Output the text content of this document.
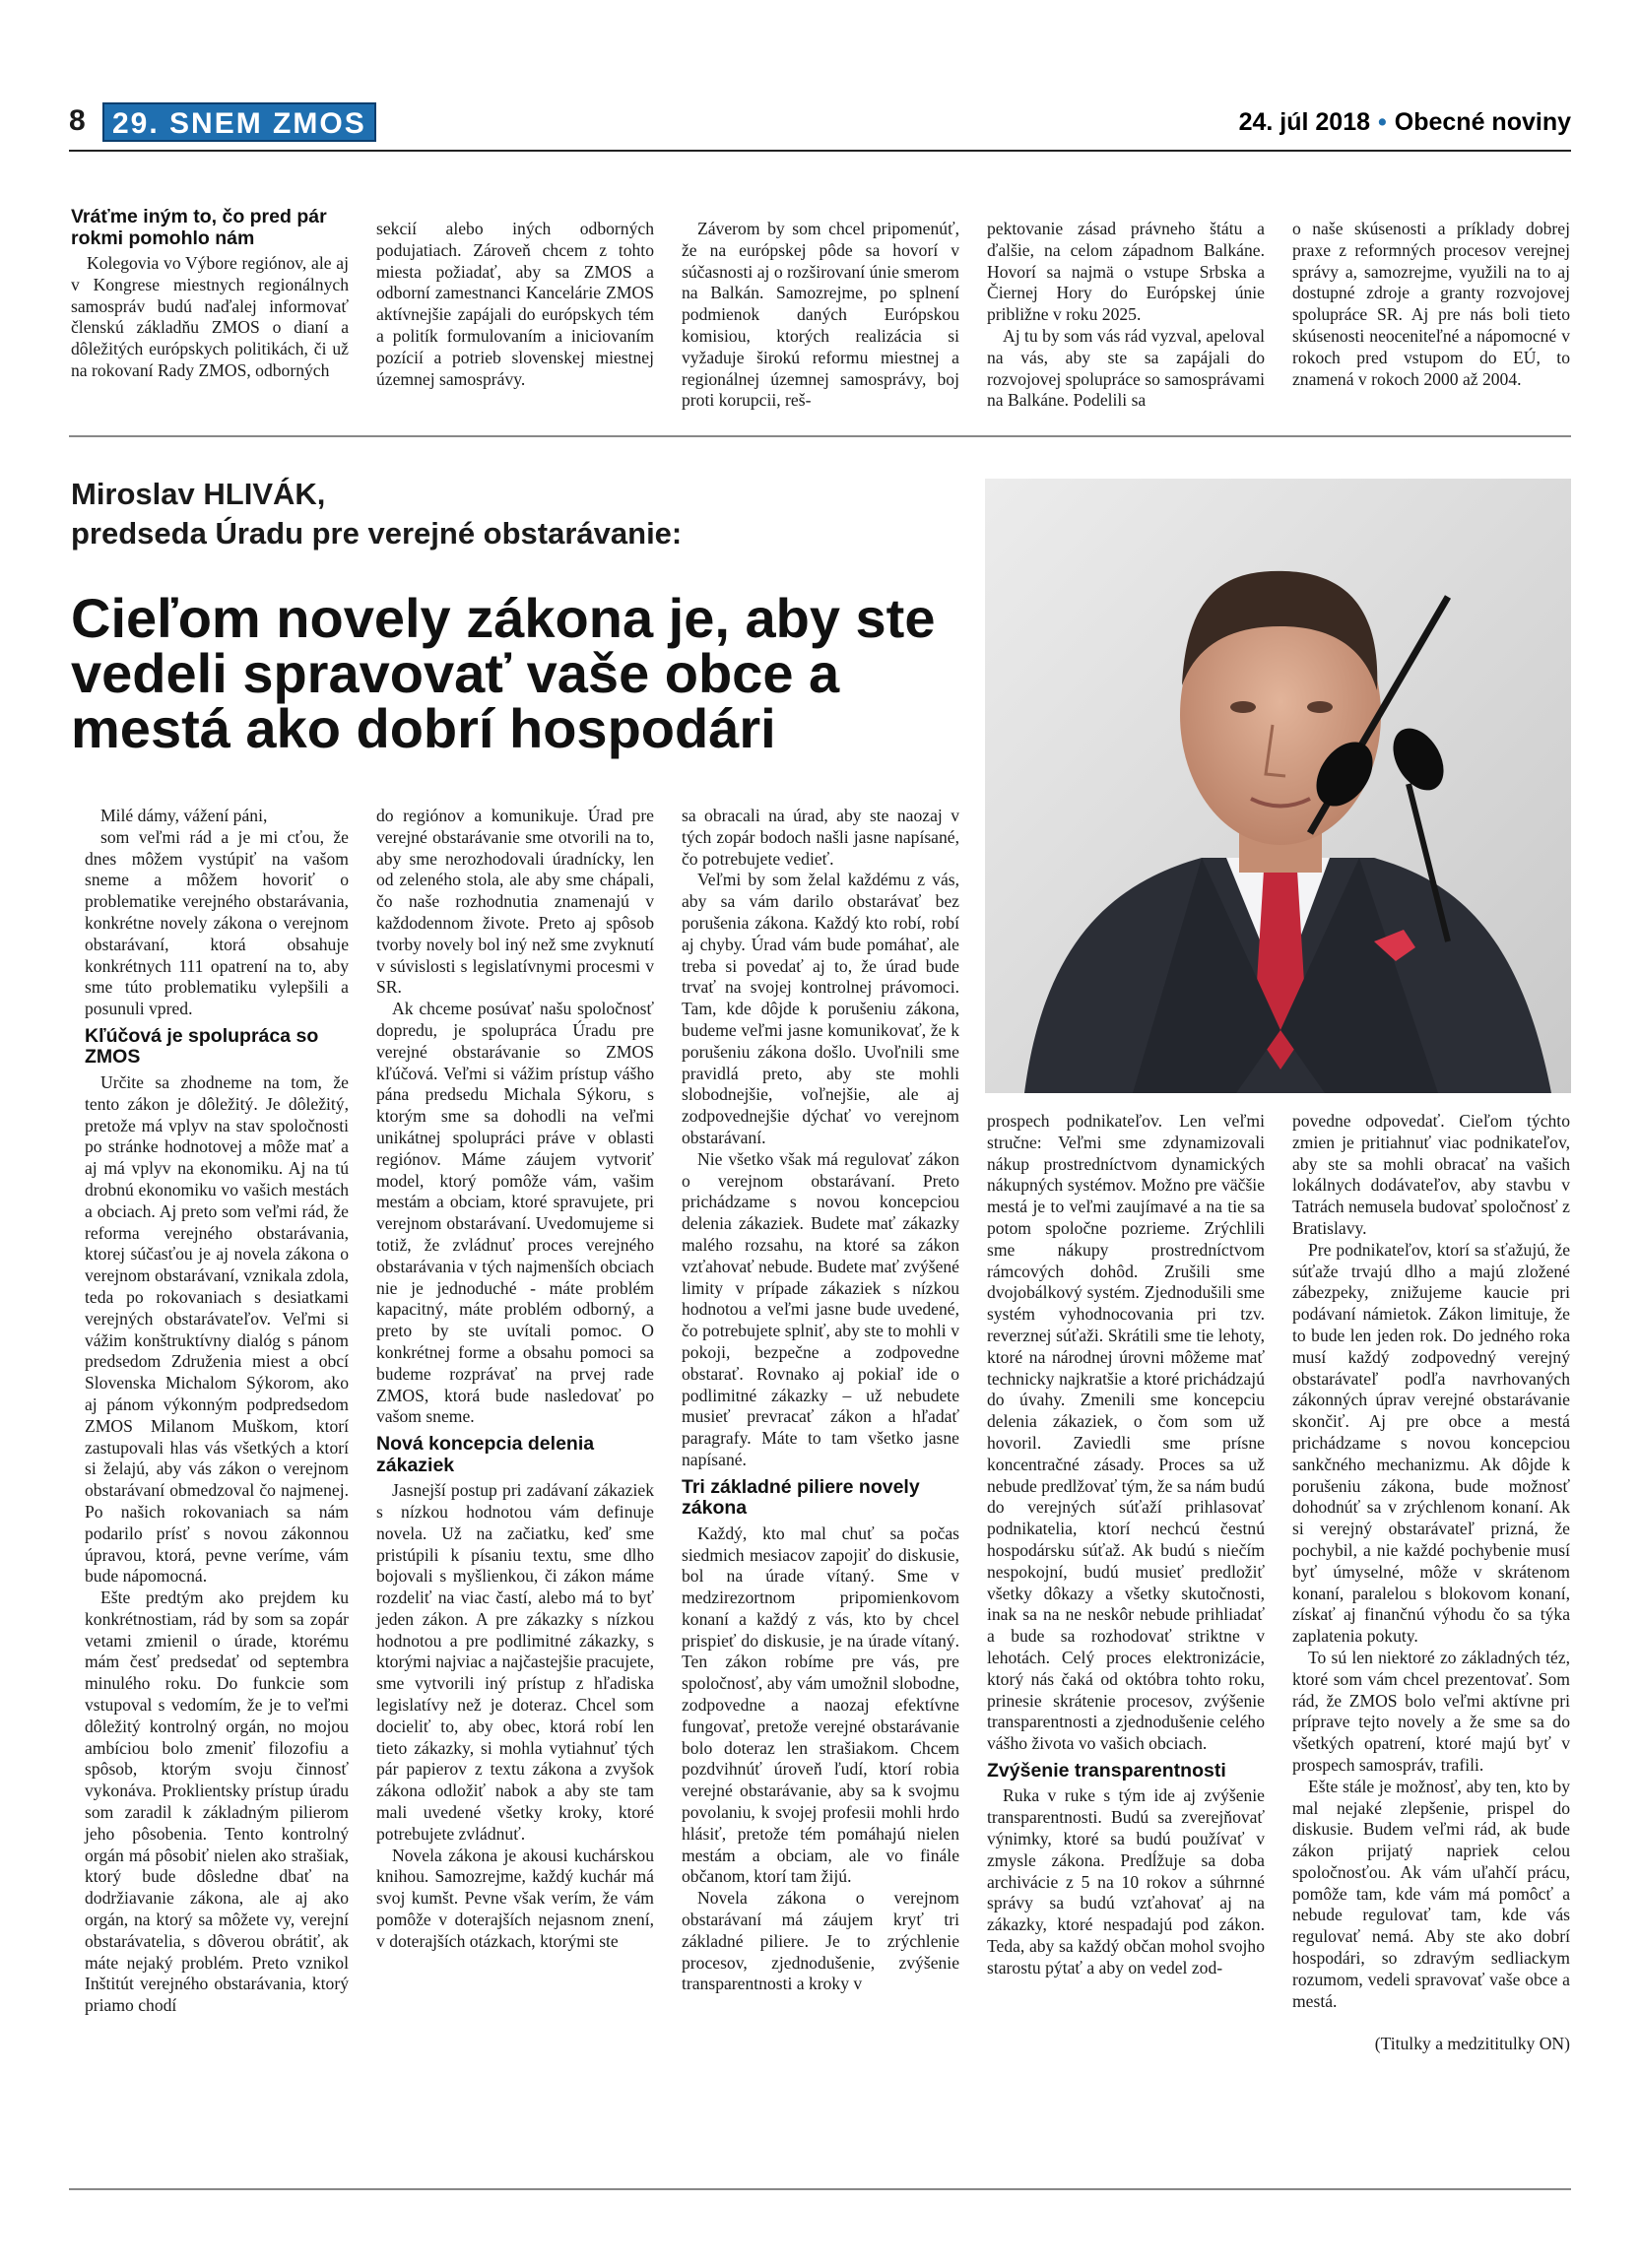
8 29. SNEM ZMOS	24. júl 2018 • Obecné noviny
Vráťme iným to, čo pred pár rokmi pomohlo nám

Kolegovia vo Výbore regiónov, ale aj v Kongrese miestnych regionálnych samospráv budú naďalej informovať členskú základňu ZMOS o dianí a dôležitých európskych politikách, či už na rokovaní Rady ZMOS, odborných

sekcií alebo iných odborných podujatiach. Zároveň chcem z tohto miesta požiadať, aby sa ZMOS a odborní zamestnanci Kancelárie ZMOS aktívnejšie zapájali do európskych tém a politík formulovaním a iniciovaním pozícií a potrieb slovenskej miestnej územnej samosprávy.

Záverom by som chcel pripomenúť, že na európskej pôde sa hovorí v súčasnosti aj o rozširovaní únie smerom na Balkán. Samozrejme, po splnení podmienok daných Európskou komisiou, ktorých realizácia si vyžaduje širokú reformu miestnej a regionálnej územnej samosprávy, boj proti korupcii, reš-

pektovanie zásad právneho štátu a ďalšie, na celom západnom Balkáne. Hovorí sa najmä o vstupe Srbska a Čiernej Hory do Európskej únie približne v roku 2025.

Aj tu by som vás rád vyzval, apeloval na vás, aby ste sa zapájali do rozvojovej spolupráce so samosprávami na Balkáne. Podelili sa

o naše skúsenosti a príklady dobrej praxe z reformných procesov verejnej správy a, samozrejme, využili na to aj dostupné zdroje a granty rozvojovej spolupráce SR. Aj pre nás boli tieto skúsenosti neoceniteľné a nápomocné v rokoch pred vstupom do EÚ, to znamená v rokoch 2000 až 2004.

Miroslav HLIVÁK,
predseda Úradu pre verejné obstarávanie:
Cieľom novely zákona je, aby ste vedeli spravovať vaše obce a mestá ako dobrí hospodári

Milé dámy, vážení páni,

som veľmi rád a je mi cťou, že dnes môžem vystúpiť na vašom sneme a môžem hovoriť o problematike verejného obstarávania, konkrétne novely zákona o verejnom obstarávaní, ktorá obsahuje konkrétnych 111 opatrení na to, aby sme túto problematiku vylepšili a posunuli vpred.

Kľúčová je spolupráca so ZMOS

Určite sa zhodneme na tom, že tento zákon je dôležitý. Je dôležitý, pretože má vplyv na stav spoločnosti po stránke hodnotovej a môže mať a aj má vplyv na ekonomiku. Aj na tú drobnú ekonomiku vo vašich mestách a obciach. Aj preto som veľmi rád, že reforma verejného obstarávania, ktorej súčasťou je aj novela zákona o verejnom obstarávaní, vznikala zdola, teda po rokovaniach s desiatkami verejných obstarávateľov. Veľmi si vážim konštruktívny dialóg s pánom predsedom Združenia miest a obcí Slovenska Michalom Sýkorom, ako aj pánom výkonným podpredsedom ZMOS Milanom Muškom, ktorí zastupovali hlas vás všetkých a ktorí si želajú, aby vás zákon o verejnom obstarávaní obmedzoval čo najmenej. Po našich rokovaniach sa nám podarilo prísť s novou zákonnou úpravou, ktorá, pevne veríme, vám bude nápomocná.

Ešte predtým ako prejdem ku konkrétnostiam, rád by som sa zopár vetami zmienil o úrade, ktorému mám česť predsedať od septembra minulého roku. Do funkcie som vstupoval s vedomím, že je to veľmi dôležitý kontrolný orgán, no mojou ambíciou bolo zmeniť filozofiu a spôsob, ktorým svoju činnosť vykonáva. Proklientsky prístup úradu som zaradil k základným pilierom jeho pôsobenia. Tento kontrolný orgán má pôsobiť nielen ako strašiak, ktorý bude dôsledne dbať na dodržiavanie zákona, ale aj ako orgán, na ktorý sa môžete vy, verejní obstarávatelia, s dôverou obrátiť, ak máte nejaký problém. Preto vznikol Inštitút verejného obstarávania, ktorý priamo chodí

do regiónov a komunikuje. Úrad pre verejné obstarávanie sme otvorili na to, aby sme nerozhodovali úradnícky, len od zeleného stola, ale aby sme chápali, čo naše rozhodnutia znamenajú v každodennom živote. Preto aj spôsob tvorby novely bol iný než sme zvyknutí v súvislosti s legislatívnymi procesmi v SR.

Ak chceme posúvať našu spoločnosť dopredu, je spolupráca Úradu pre verejné obstarávanie so ZMOS kľúčová. Veľmi si vážim prístup vášho pána predsedu Michala Sýkoru, s ktorým sme sa dohodli na veľmi unikátnej spolupráci práve v oblasti regiónov. Máme záujem vytvoriť model, ktorý pomôže vám, vašim mestám a obciam, ktoré spravujete, pri verejnom obstarávaní. Uvedomujeme si totiž, že zvládnuť proces verejného obstarávania v tých najmenších obciach nie je jednoduché - máte problém kapacitný, máte problém odborný, a preto by ste uvítali pomoc. O konkrétnej forme a obsahu pomoci sa budeme rozprávať na prvej rade ZMOS, ktorá bude nasledovať po vašom sneme.

Nová koncepcia delenia zákaziek

Jasnejší postup pri zadávaní zákaziek s nízkou hodnotou vám definuje novela. Už na začiatku, keď sme pristúpili k písaniu textu, sme dlho bojovali s myšlienkou, či zákon máme rozdeliť na viac častí, alebo má to byť jeden zákon. A pre zákazky s nízkou hodnotou a pre podlimitné zákazky, s ktorými najviac a najčastejšie pracujete, sme vytvorili iný prístup z hľadiska legislatívy než je doteraz. Chcel som docieliť to, aby obec, ktorá robí len tieto zákazky, si mohla vytiahnuť tých pár papierov z textu zákona a zvyšok zákona odložiť nabok a aby ste tam mali uvedené všetky kroky, ktoré potrebujete zvládnuť.

Novela zákona je akousi kuchárskou knihou. Samozrejme, každý kuchár má svoj kumšt. Pevne však verím, že vám pomôže v doterajších nejasnom znení, v doterajších otázkach, ktorými ste

sa obracali na úrad, aby ste naozaj v tých zopár bodoch našli jasne napísané, čo potrebujete vedieť.

Veľmi by som želal každému z vás, aby sa vám darilo obstarávať bez porušenia zákona. Každý kto robí, robí aj chyby. Úrad vám bude pomáhať, ale treba si povedať aj to, že úrad bude trvať na svojej kontrolnej právomoci. Tam, kde dôjde k porušeniu zákona, budeme veľmi jasne komunikovať, že k porušeniu zákona došlo. Uvoľnili sme pravidlá preto, aby ste mohli slobodnejšie, voľnejšie, ale aj zodpovednejšie dýchať vo verejnom obstarávaní.

Nie všetko však má regulovať zákon o verejnom obstarávaní. Preto prichádzame s novou koncepciou delenia zákaziek. Budete mať zákazky malého rozsahu, na ktoré sa zákon vzťahovať nebude. Budete mať zvýšené limity v prípade zákaziek s nízkou hodnotou a veľmi jasne bude uvedené, čo potrebujete splniť, aby ste to mohli v pokoji, bezpečne a zodpovedne obstarať. Rovnako aj pokiaľ ide o podlimitné zákazky – už nebudete musieť prevracať zákon a hľadať paragrafy. Máte to tam všetko jasne napísané.

Tri základné piliere novely zákona

Každý, kto mal chuť sa počas siedmich mesiacov zapojiť do diskusie, bol na úrade vítaný. Sme v medzirezortnom pripomienkovom konaní a každý z vás, kto by chcel prispieť do diskusie, je na úrade vítaný. Ten zákon robíme pre vás, pre spoločnosť, aby vám umožnil slobodne, zodpovedne a naozaj efektívne fungovať, pretože verejné obstarávanie bolo doteraz len strašiakom. Chcem pozdvihnúť úroveň ľudí, ktorí robia verejné obstarávanie, aby sa k svojmu povolaniu, k svojej profesii mohli hrdo hlásiť, pretože tém pomáhajú nielen mestám a obciam, ale vo finále občanom, ktorí tam žijú.

Novela zákona o verejnom obstarávaní má záujem kryť tri základné piliere. Je to zrýchlenie procesov, zjednodušenie, zvýšenie transparentnosti a kroky v

prospech podnikateľov. Len veľmi stručne: Veľmi sme zdynamizovali nákup prostredníctvom dynamických nákupných systémov. Možno pre väčšie mestá je to veľmi zaujímavé a na tie sa potom spoločne pozrieme. Zrýchlili sme nákupy prostredníctvom rámcových dohôd. Zrušili sme dvojobálkový systém. Zjednodušili sme systém vyhodnocovania pri tzv. reverznej súťaži. Skrátili sme tie lehoty, ktoré na národnej úrovni môžeme mať technicky najkratšie a ktoré prichádzajú do úvahy. Zmenili sme koncepciu delenia zákaziek, o čom som už hovoril. Zaviedli sme prísne koncentračné zásady. Proces sa už nebude predlžovať tým, že sa nám budú do verejných súťaží prihlasovať podnikatelia, ktorí nechcú čestnú hospodársku súťaž. Ak budú s niečím nespokojní, budú musieť predložiť všetky dôkazy a všetky skutočnosti, inak sa na ne neskôr nebude prihliadať a bude sa rozhodovať striktne v lehotách. Celý proces elektronizácie, ktorý nás čaká od októbra tohto roku, prinesie skrátenie procesov, zvýšenie transparentnosti a zjednodušenie celého vášho života vo vašich obciach.

Zvýšenie transparentnosti

Ruka v ruke s tým ide aj zvýšenie transparentnosti. Budú sa zverejňovať výnimky, ktoré sa budú používať v zmysle zákona. Predĺžuje sa doba archivácie z 5 na 10 rokov a súhrnné správy sa budú vzťahovať aj na zákazky, ktoré nespadajú pod zákon. Teda, aby sa každý občan mohol svojho starostu pýtať a aby on vedel zod-

povedne odpovedať. Cieľom týchto zmien je pritiahnuť viac podnikateľov, aby ste sa mohli obracať na vašich lokálnych dodávateľov, aby stavbu v Tatrách nemusela budovať spoločnosť z Bratislavy.

Pre podnikateľov, ktorí sa sťažujú, že súťaže trvajú dlho a majú zložené zábezpeky, znižujeme kaucie pri podávaní námietok. Zákon limituje, že to bude len jeden rok. Do jedného roka musí každý zodpovedný verejný obstarávateľ podľa navrhovaných zákonných úprav verejné obstarávanie skončiť. Aj pre obce a mestá prichádzame s novou koncepciou sankčného mechanizmu. Ak dôjde k porušeniu zákona, bude možnosť dohodnúť sa v zrýchlenom konaní. Ak si verejný obstarávateľ prizná, že pochybil, a nie každé pochybenie musí byť úmyselné, môže v skrátenom konaní, paralelou s blokovom konaní, získať aj finančnú výhodu čo sa týka zaplatenia pokuty.

To sú len niektoré zo základných téz, ktoré som vám chcel prezentovať. Som rád, že ZMOS bolo veľmi aktívne pri príprave tejto novely a že sme sa do všetkých opatrení, ktoré majú byť v prospech samospráv, trafili.

Ešte stále je možnosť, aby ten, kto by mal nejaké zlepšenie, prispel do diskusie. Budem veľmi rád, ak bude zákon prijatý napriek celou spoločnosťou. Ak vám uľahčí prácu, pomôže tam, kde vám má pomôcť a nebude regulovať tam, kde vás regulovať nemá. Aby ste ako dobrí hospodári, so zdravým sedliackym rozumom, vedeli spravovať vaše obce a mestá.

(Titulky a medzititulky ON)
